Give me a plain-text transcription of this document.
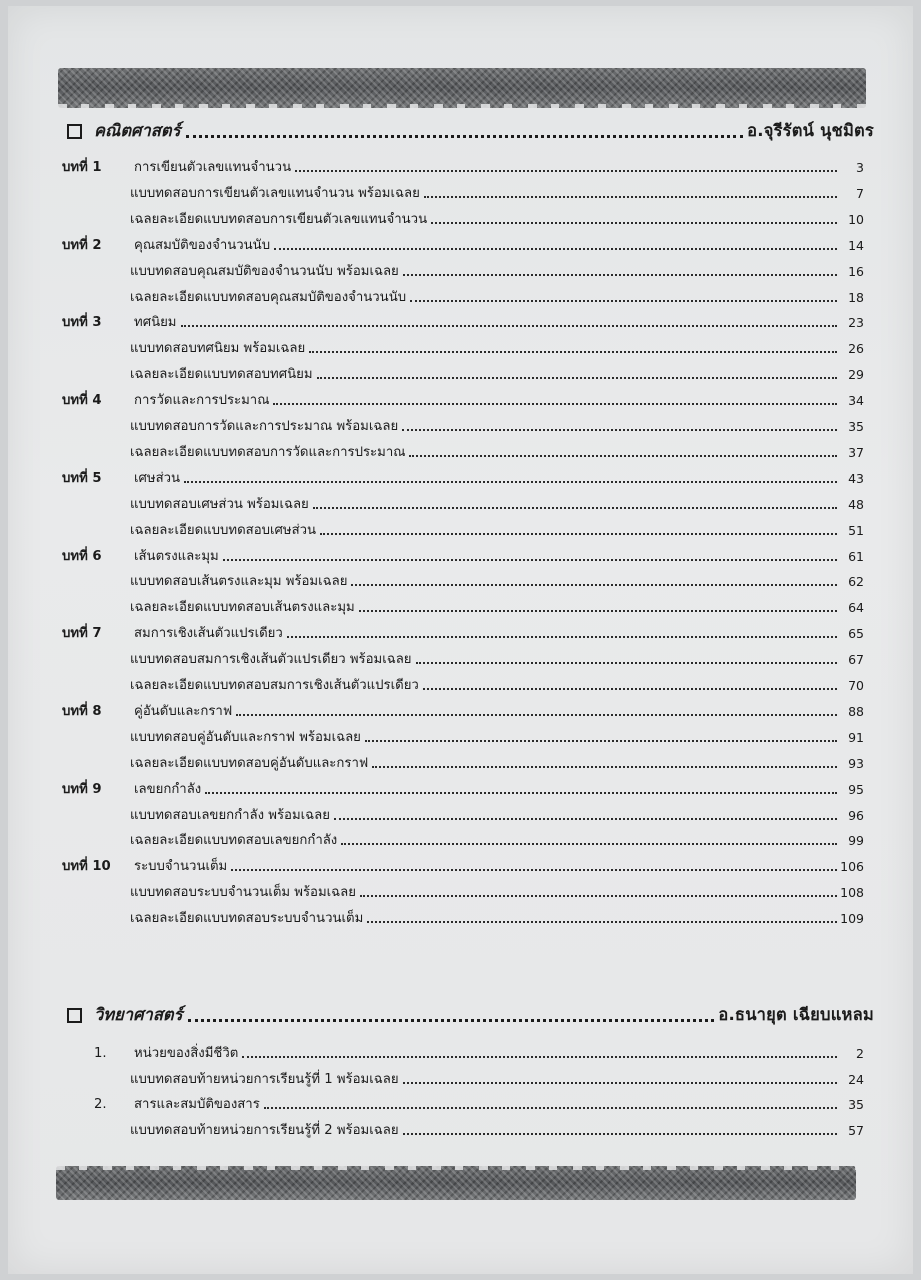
คณิตศาสตร์	อ.จุรีรัตน์ นุชมิตร
บทที่ 1	การเขียนตัวเลขแทนจำนวน	3
แบบทดสอบการเขียนตัวเลขแทนจำนวน พร้อมเฉลย	7
เฉลยละเอียดแบบทดสอบการเขียนตัวเลขแทนจำนวน	10
บทที่ 2	คุณสมบัติของจำนวนนับ	14
แบบทดสอบคุณสมบัติของจำนวนนับ พร้อมเฉลย	16
เฉลยละเอียดแบบทดสอบคุณสมบัติของจำนวนนับ	18
บทที่ 3	ทศนิยม	23
แบบทดสอบทศนิยม พร้อมเฉลย	26
เฉลยละเอียดแบบทดสอบทศนิยม	29
บทที่ 4	การวัดและการประมาณ	34
แบบทดสอบการวัดและการประมาณ พร้อมเฉลย	35
เฉลยละเอียดแบบทดสอบการวัดและการประมาณ	37
บทที่ 5	เศษส่วน	43
แบบทดสอบเศษส่วน พร้อมเฉลย	48
เฉลยละเอียดแบบทดสอบเศษส่วน	51
บทที่ 6	เส้นตรงและมุม	61
แบบทดสอบเส้นตรงและมุม พร้อมเฉลย	62
เฉลยละเอียดแบบทดสอบเส้นตรงและมุม	64
บทที่ 7	สมการเชิงเส้นตัวแปรเดียว	65
แบบทดสอบสมการเชิงเส้นตัวแปรเดียว พร้อมเฉลย	67
เฉลยละเอียดแบบทดสอบสมการเชิงเส้นตัวแปรเดียว	70
บทที่ 8	คู่อันดับและกราฟ	88
แบบทดสอบคู่อันดับและกราฟ พร้อมเฉลย	91
เฉลยละเอียดแบบทดสอบคู่อันดับและกราฟ	93
บทที่ 9	เลขยกกำลัง	95
แบบทดสอบเลขยกกำลัง พร้อมเฉลย	96
เฉลยละเอียดแบบทดสอบเลขยกกำลัง	99
บทที่ 10	ระบบจำนวนเต็ม	106
แบบทดสอบระบบจำนวนเต็ม พร้อมเฉลย	108
เฉลยละเอียดแบบทดสอบระบบจำนวนเต็ม	109
วิทยาศาสตร์	อ.ธนายุต เฉียบแหลม
1.	หน่วยของสิ่งมีชีวิต	2
แบบทดสอบท้ายหน่วยการเรียนรู้ที่ 1 พร้อมเฉลย	24
2.	สารและสมบัติของสาร	35
แบบทดสอบท้ายหน่วยการเรียนรู้ที่ 2 พร้อมเฉลย	57
